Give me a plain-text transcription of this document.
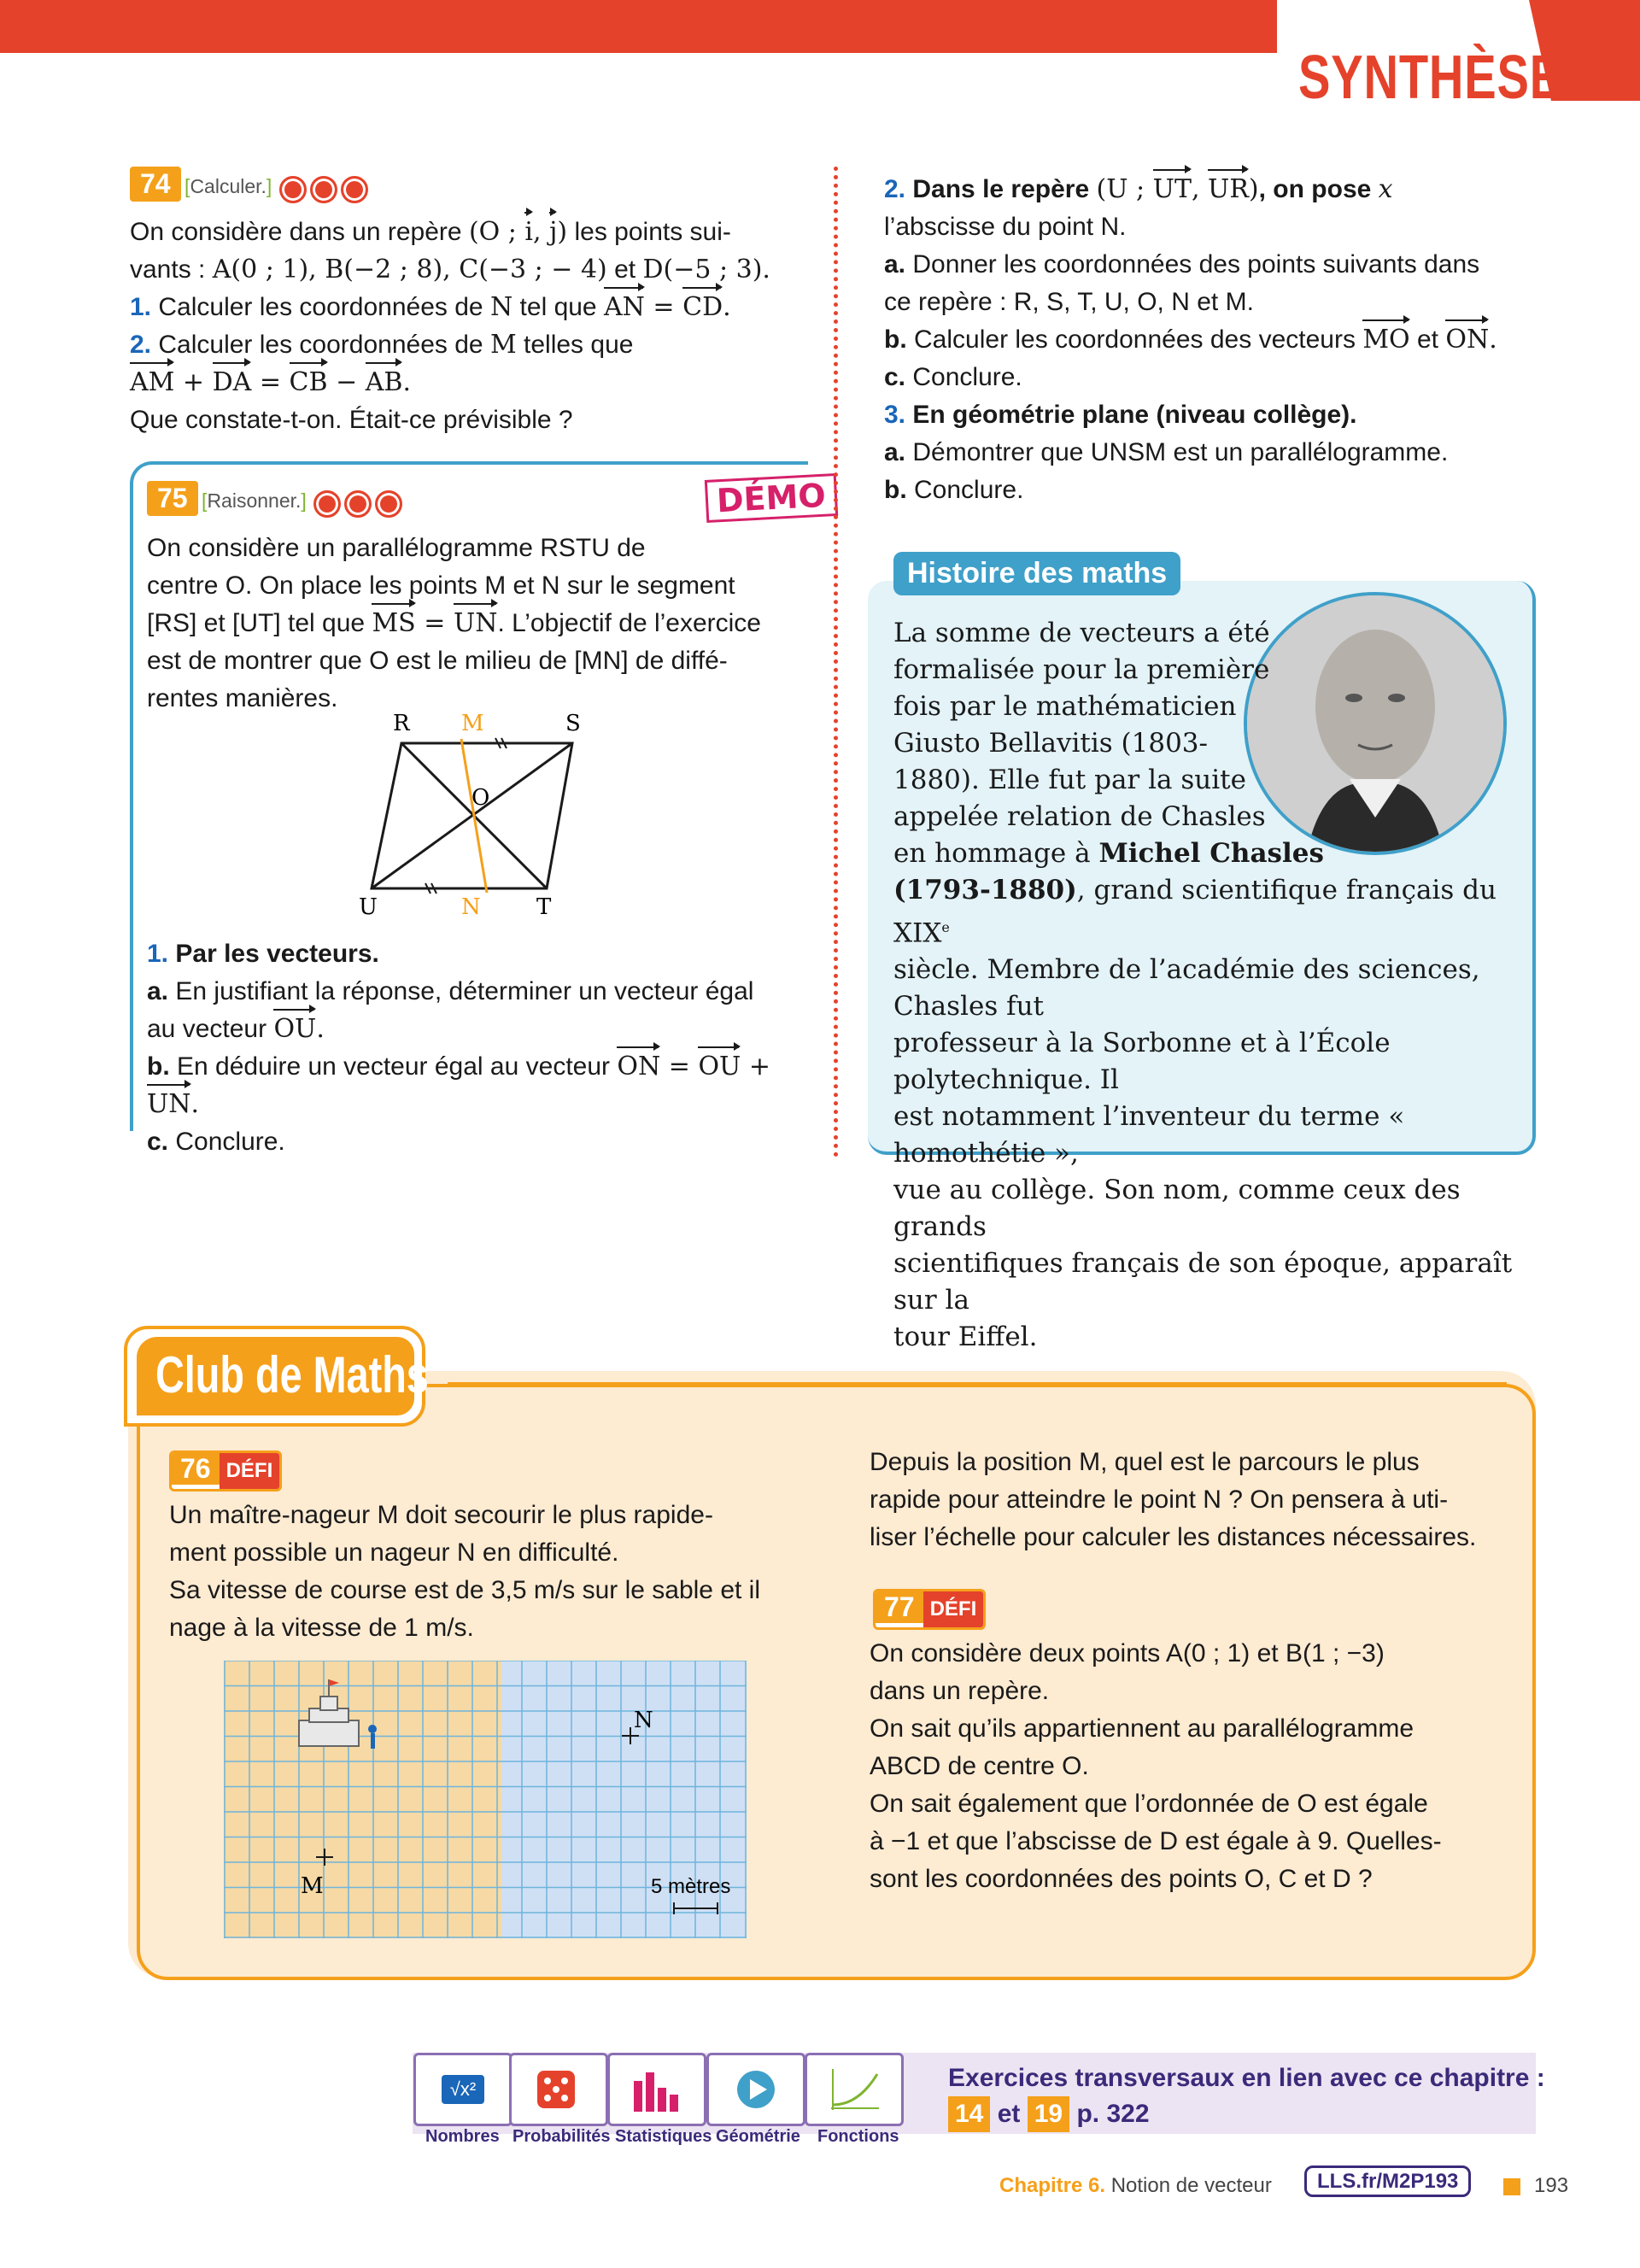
SYNTHÈSE
74 [Calculer.]
On considère dans un repère (O ; i, j) les points sui-
vants : A(0 ; 1), B(−2 ; 8), C(−3 ; − 4) et D(−5 ; 3).
1. Calculer les coordonnées de N tel que AN = CD.
2. Calculer les coordonnées de M telles que
AM + DA = CB − AB.
Que constate-t-on. Était-ce prévisible ?
75 [Raisonner.]	DÉMO
On considère un parallélogramme RSTU de
centre O. On place les points M et N sur le segment
[RS] et [UT] tel que MS = UN. L’objectif de l’exercice
est de montrer que O est le milieu de [MN] de diffé-
rentes manières.
R M	S
O
U	N	T
1. Par les vecteurs.
a. En justifiant la réponse, déterminer un vecteur égal
au vecteur OU.
b. En déduire un vecteur égal au vecteur ON = OU + UN.
c. Conclure.
2. Dans le repère (U ; UT, UR), on pose x
l’abscisse du point N.
a. Donner les coordonnées des points suivants dans
ce repère : R, S, T, U, O, N et M.
b. Calculer les coordonnées des vecteurs MO et ON.
c. Conclure.
3. En géométrie plane (niveau collège).
a. Démontrer que UNSM est un parallélogramme.
b. Conclure.
Histoire des maths
La somme de vecteurs a été
formalisée pour la première
fois par le mathématicien
Giusto Bellavitis (1803-
1880). Elle fut par la suite
appelée relation de Chasles
en hommage à Michel Chasles
(1793-1880), grand scientifique français du XIXe
siècle. Membre de l’académie des sciences, Chasles fut
professeur à la Sorbonne et à l’École polytechnique. Il
est notamment l’inventeur du terme « homothétie »,
vue au collège. Son nom, comme ceux des grands
scientifiques français de son époque, apparaît sur la
tour Eiffel.
Club de Maths
76 DÉFI
Un maître-nageur M doit secourir le plus rapide-
ment possible un nageur N en difficulté.
Sa vitesse de course est de 3,5 m/s sur le sable et il
nage à la vitesse de 1 m/s.
M
N
5 mètres
Depuis la position M, quel est le parcours le plus
rapide pour atteindre le point N ? On pensera à uti-
liser l’échelle pour calculer les distances nécessaires.
77 DÉFI
On considère deux points A(0 ; 1) et B(1 ; −3)
dans un repère.
On sait qu’ils appartiennent au parallélogramme
ABCD de centre O.
On sait également que l’ordonnée de O est égale
à −1 et que l’abscisse de D est égale à 9. Quelles-
sont les coordonnées des points O, C et D ?
√x²
Nombres Probabilités Statistiques Géométrie Fonctions
Exercices transversaux en lien avec ce chapitre :
14 et 19 p. 322
Chapitre 6. Notion de vecteur	LLS.fr/M2P193	193
